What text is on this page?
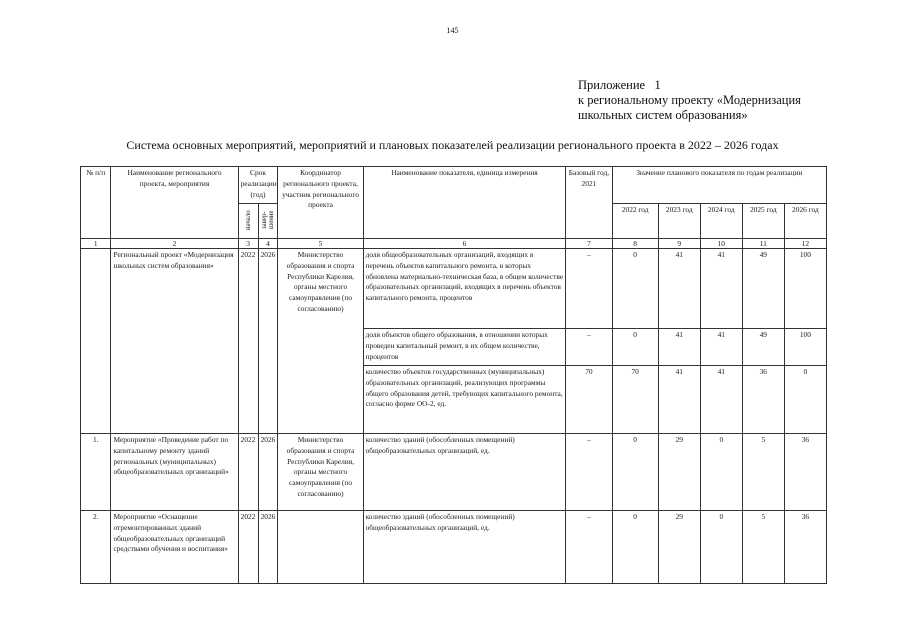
145
Приложение   1
к региональному проекту «Модернизация
школьных систем образования»
Система основных мероприятий, мероприятий и плановых показателей реализации регионального проекта в 2022 – 2026 годах
№ п/п	Наименование регионального проекта, мероприятия	Срок реализации (год)		Координатор регионального проекта, участник регионального проекта	Наименование показателя, единица измерения	Базовый год, 2021	Значение планового показателя по годам реализации				

		начало	завер-шение								

							2022 год	2023 год	2024 год	2025 год	2026 год
1	2	3	4	5	6	7	8	9	10	11	12
	Региональный проект «Модернизация школьных систем образования»	2022	2026	Министерство образования и спорта Республики Карелия, органы местного самоуправления (по согласованию)	доля общеобразовательных организаций, входящих в перечень объектов капитального ремонта, в которых обновлена материально-техническая база, в общем количестве образовательных организаций, входящих в перечень объектов капитального ремонта, процентов	–	0	41	41	49	100
					доля объектов общего образования, в отношении которых проведен капитальный ремонт, в их общем количестве, процентов	–	0	41	41	49	100
					количество объектов государственных (муниципальных) образовательных организаций, реализующих программы общего образования детей, требующих капитального ремонта, согласно форме ОО-2, ед.	70	70	41	41	36	0
1.	Мероприятие «Проведение работ по капитальному ремонту зданий региональных (муниципальных) общеобразовательных организаций»	2022	2026	Министерство образования и спорта Республики Карелия, органы местного самоуправления (по согласованию)	количество зданий (обособленных помещений) общеобразовательных организаций, ед.	–	0	29	0	5	36
2.	Мероприятие «Оснащение отремонтированных зданий общеобразовательных организаций средствами обучения и воспитания»	2022	2026		количество зданий (обособленных помещений) общеобразовательных организаций, ед.	–	0	29	0	5	36
